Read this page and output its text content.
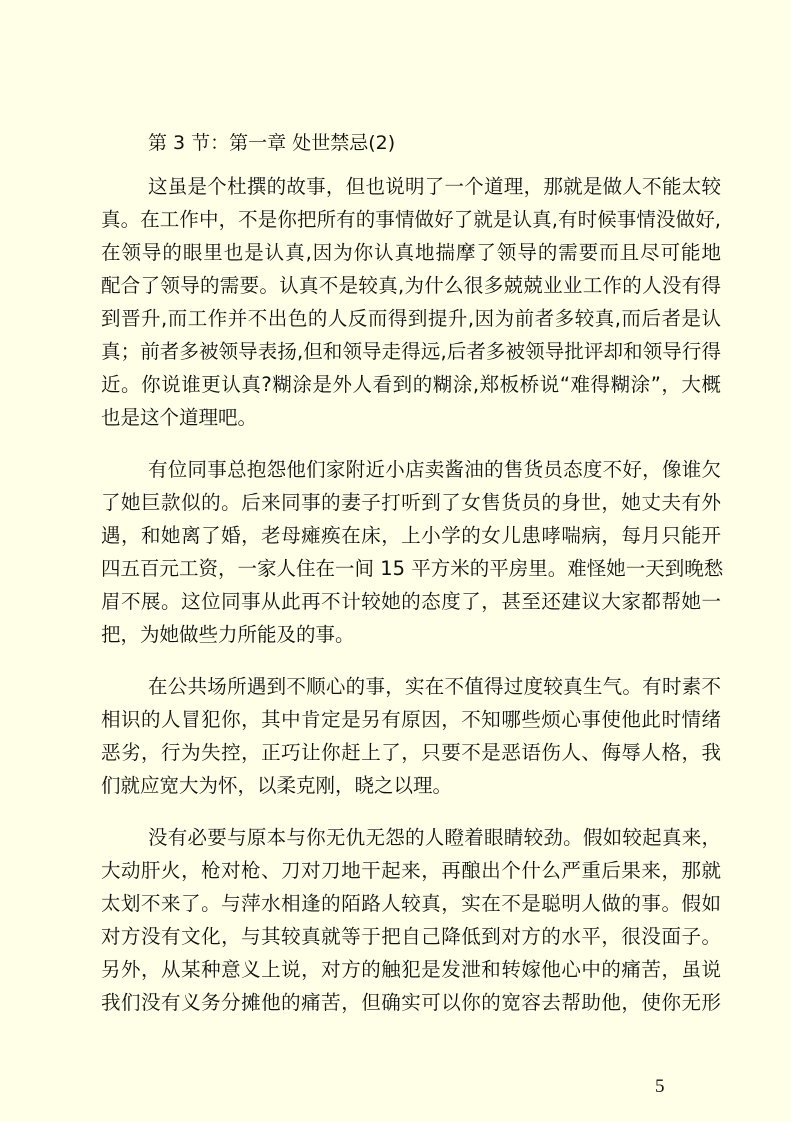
第 3 节：第一章 处世禁忌(2)
这虽是个杜撰的故事，但也说明了一个道理，那就是做人不能太较
真。在工作中，不是你把所有的事情做好了就是认真,有时候事情没做好,
在领导的眼里也是认真,因为你认真地揣摩了领导的需要而且尽可能地
配合了领导的需要。认真不是较真,为什么很多兢兢业业工作的人没有得
到晋升,而工作并不出色的人反而得到提升,因为前者多较真,而后者是认
真；前者多被领导表扬,但和领导走得远,后者多被领导批评却和领导行得
近。你说谁更认真?糊涂是外人看到的糊涂,郑板桥说“难得糊涂”，大概
也是这个道理吧。
有位同事总抱怨他们家附近小店卖酱油的售货员态度不好，像谁欠
了她巨款似的。后来同事的妻子打听到了女售货员的身世，她丈夫有外
遇，和她离了婚，老母瘫痪在床，上小学的女儿患哮喘病，每月只能开
四五百元工资，一家人住在一间 15 平方米的平房里。难怪她一天到晚愁
眉不展。这位同事从此再不计较她的态度了，甚至还建议大家都帮她一
把，为她做些力所能及的事。
在公共场所遇到不顺心的事，实在不值得过度较真生气。有时素不
相识的人冒犯你，其中肯定是另有原因，不知哪些烦心事使他此时情绪
恶劣，行为失控，正巧让你赶上了，只要不是恶语伤人、侮辱人格，我
们就应宽大为怀，以柔克刚，晓之以理。
没有必要与原本与你无仇无怨的人瞪着眼睛较劲。假如较起真来，
大动肝火，枪对枪、刀对刀地干起来，再酿出个什么严重后果来，那就
太划不来了。与萍水相逢的陌路人较真，实在不是聪明人做的事。假如
对方没有文化，与其较真就等于把自己降低到对方的水平，很没面子。
另外，从某种意义上说，对方的触犯是发泄和转嫁他心中的痛苦，虽说
我们没有义务分摊他的痛苦，但确实可以你的宽容去帮助他，使你无形
5
